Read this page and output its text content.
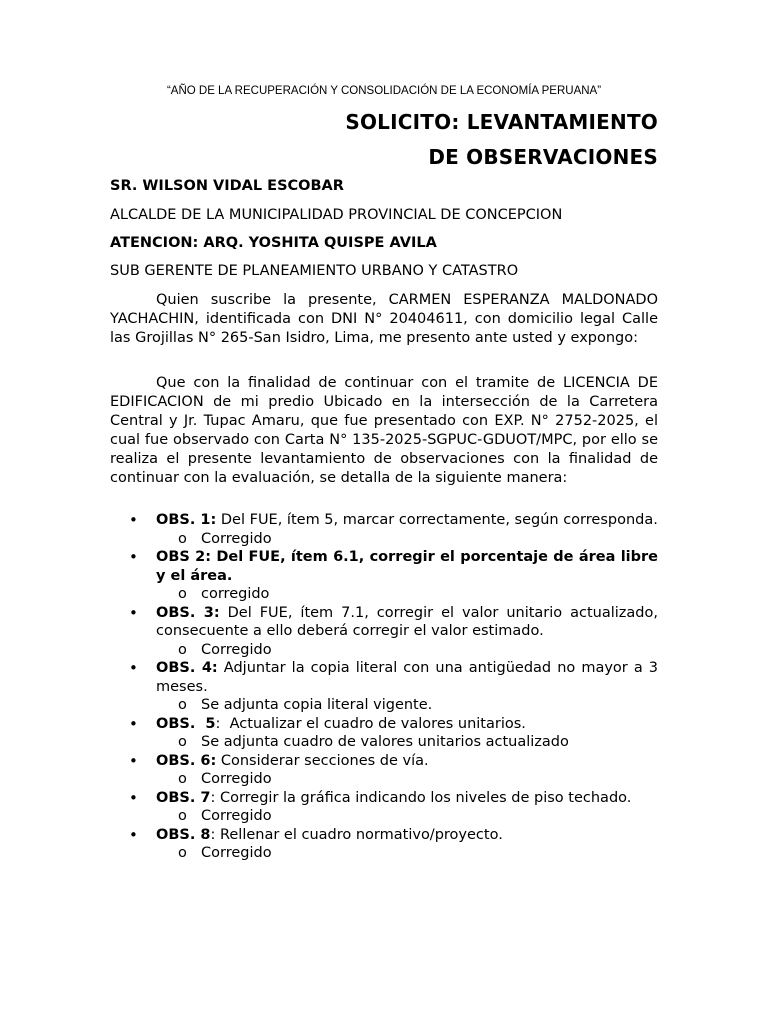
“AÑO DE LA RECUPERACIÓN Y CONSOLIDACIÓN DE LA ECONOMÍA PERUANA”
SOLICITO: LEVANTAMIENTO
DE OBSERVACIONES
SR. WILSON VIDAL ESCOBAR
ALCALDE DE LA MUNICIPALIDAD PROVINCIAL DE CONCEPCION
ATENCION: ARQ. YOSHITA QUISPE AVILA
SUB GERENTE DE PLANEAMIENTO URBANO Y CATASTRO
Quien suscribe la presente, CARMEN ESPERANZA MALDONADO YACHACHIN, identificada con DNI N° 20404611, con domicilio legal Calle las Grojillas N° 265-San Isidro, Lima, me presento ante usted y expongo:
Que con la finalidad de continuar con el tramite de LICENCIA DE EDIFICACION de mi predio Ubicado en la intersección de la Carretera Central y Jr. Tupac Amaru, que fue presentado con EXP. N° 2752-2025, el cual fue observado con Carta N° 135-2025-SGPUC-GDUOT/MPC, por ello se realiza el presente levantamiento de observaciones con la finalidad de continuar con la evaluación, se detalla de la siguiente manera:
• OBS. 1: Del FUE, ítem 5, marcar correctamente, según corresponda.
o Corregido
• OBS 2: Del FUE, ítem 6.1, corregir el porcentaje de área libre y el área.
o corregido
• OBS. 3: Del FUE, ítem 7.1, corregir el valor unitario actualizado, consecuente a ello deberá corregir el valor estimado.
o Corregido
• OBS. 4: Adjuntar la copia literal con una antigüedad no mayor a 3 meses.
o Se adjunta copia literal vigente.
• OBS.  5:  Actualizar el cuadro de valores unitarios.
o Se adjunta cuadro de valores unitarios actualizado
• OBS. 6: Considerar secciones de vía.
o Corregido
• OBS. 7: Corregir la gráfica indicando los niveles de piso techado.
o Corregido
• OBS. 8: Rellenar el cuadro normativo/proyecto.
o Corregido
